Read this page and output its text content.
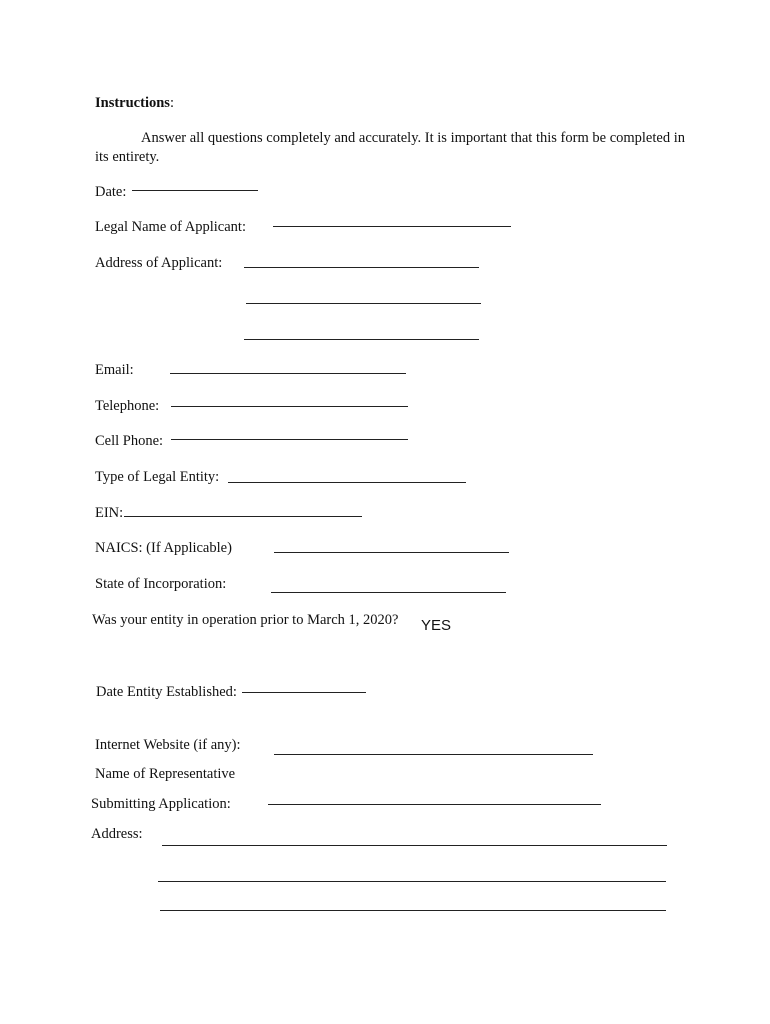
Instructions:
Answer all questions completely and accurately. It is important that this form be completed in its entirety.
Date:
Legal Name of Applicant:
Address of Applicant:
Email:
Telephone:
Cell Phone:
Type of Legal Entity:
EIN:
NAICS: (If Applicable)
State of Incorporation:
Was your entity in operation prior to March 1, 2020? YES
Date Entity Established:
Internet Website (if any):
Name of Representative
Submitting Application:
Address:
